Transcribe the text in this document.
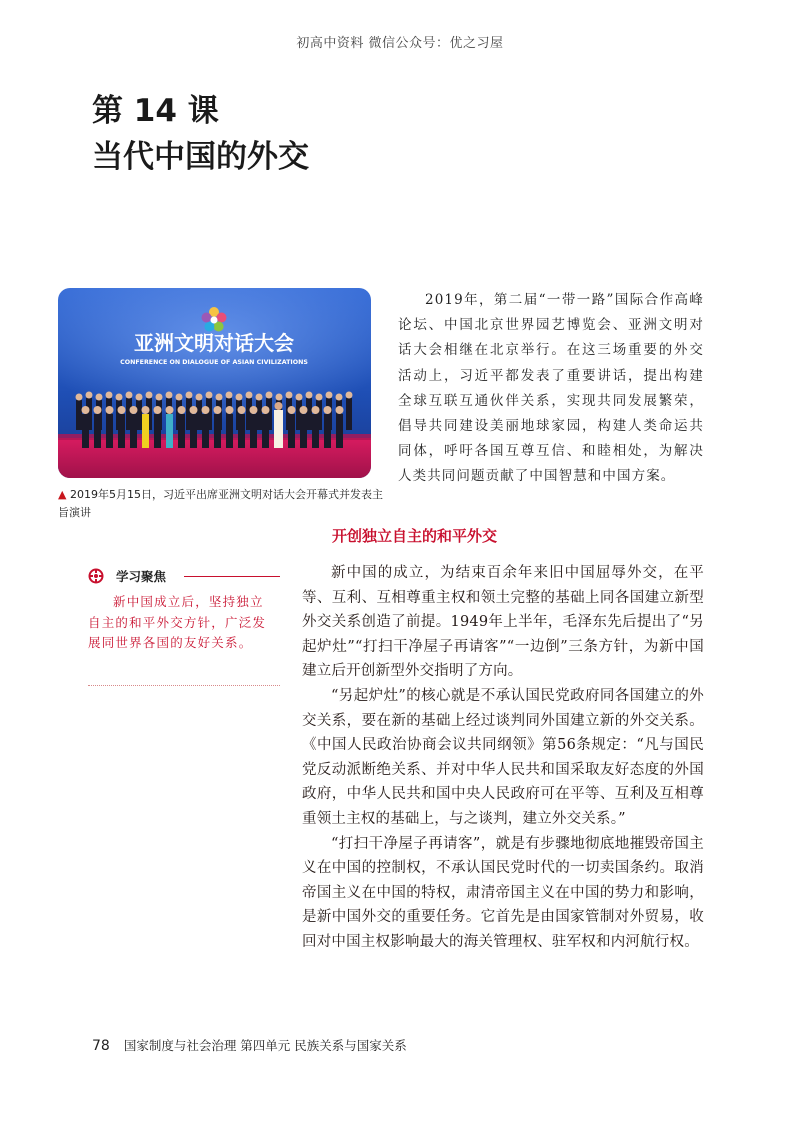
初高中资料 微信公众号：优之习屋
第 14 课
当代中国的外交
亚洲文明对话大会
CONFERENCE ON DIALOGUE OF ASIAN CIVILIZATIONS
▲ 2019年5月15日，习近平出席亚洲文明对话大会开幕式并发表主旨演讲

2019年，第二届“一带一路”国际合作高峰论坛、中国北京世界园艺博览会、亚洲文明对话大会相继在北京举行。在这三场重要的外交活动上，习近平都发表了重要讲话，提出构建全球互联互通伙伴关系，实现共同发展繁荣，倡导共同建设美丽地球家园，构建人类命运共同体，呼吁各国互尊互信、和睦相处，为解决人类共同问题贡献了中国智慧和中国方案。

开创独立自主的和平外交
学习聚焦

新中国成立后，坚持独立自主的和平外交方针，广泛发展同世界各国的友好关系。

新中国的成立，为结束百余年来旧中国屈辱外交，在平等、互利、互相尊重主权和领土完整的基础上同各国建立新型外交关系创造了前提。1949年上半年，毛泽东先后提出了“另起炉灶”“打扫干净屋子再请客”“一边倒”三条方针，为新中国建立后开创新型外交指明了方向。

“另起炉灶”的核心就是不承认国民党政府同各国建立的外交关系，要在新的基础上经过谈判同外国建立新的外交关系。《中国人民政治协商会议共同纲领》第56条规定：“凡与国民党反动派断绝关系、并对中华人民共和国采取友好态度的外国政府，中华人民共和国中央人民政府可在平等、互利及互相尊重领土主权的基础上，与之谈判，建立外交关系。”

“打扫干净屋子再请客”，就是有步骤地彻底地摧毁帝国主义在中国的控制权，不承认国民党时代的一切卖国条约。取消帝国主义在中国的特权，肃清帝国主义在中国的势力和影响，是新中国外交的重要任务。它首先是由国家管制对外贸易，收回对中国主权影响最大的海关管理权、驻军权和内河航行权。

78 国家制度与社会治理 第四单元 民族关系与国家关系
